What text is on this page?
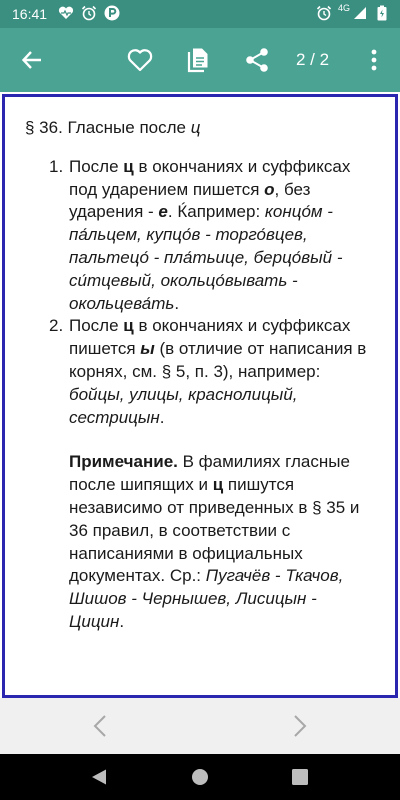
16:41	4G
2 / 2
§ 36. Гласные после ц
1. После ц в окончаниях и суффиксах под ударением пишется о, без ударения - е. Ќапример: концо́м - па́льцем, купцо́в - торго́вцев, пальтецо́ - пла́тьице, берцо́вый - си́тцевый, окольцо́вывать - окольцева́ть.
2. После ц в окончаниях и суффиксах пишется ы (в отличие от написания в корнях, см. § 5, п. 3), например: бойцы, улицы, краснолицый, сестрицын.
Примечание. В фамилиях гласные после шипящих и ц пишутся независимо от приведенных в § 35 и 36 правил, в соответствии с написаниями в официальных документах. Ср.: Пугачёв - Ткачов, Шишов - Чернышев, Лисицын - Цицин.
